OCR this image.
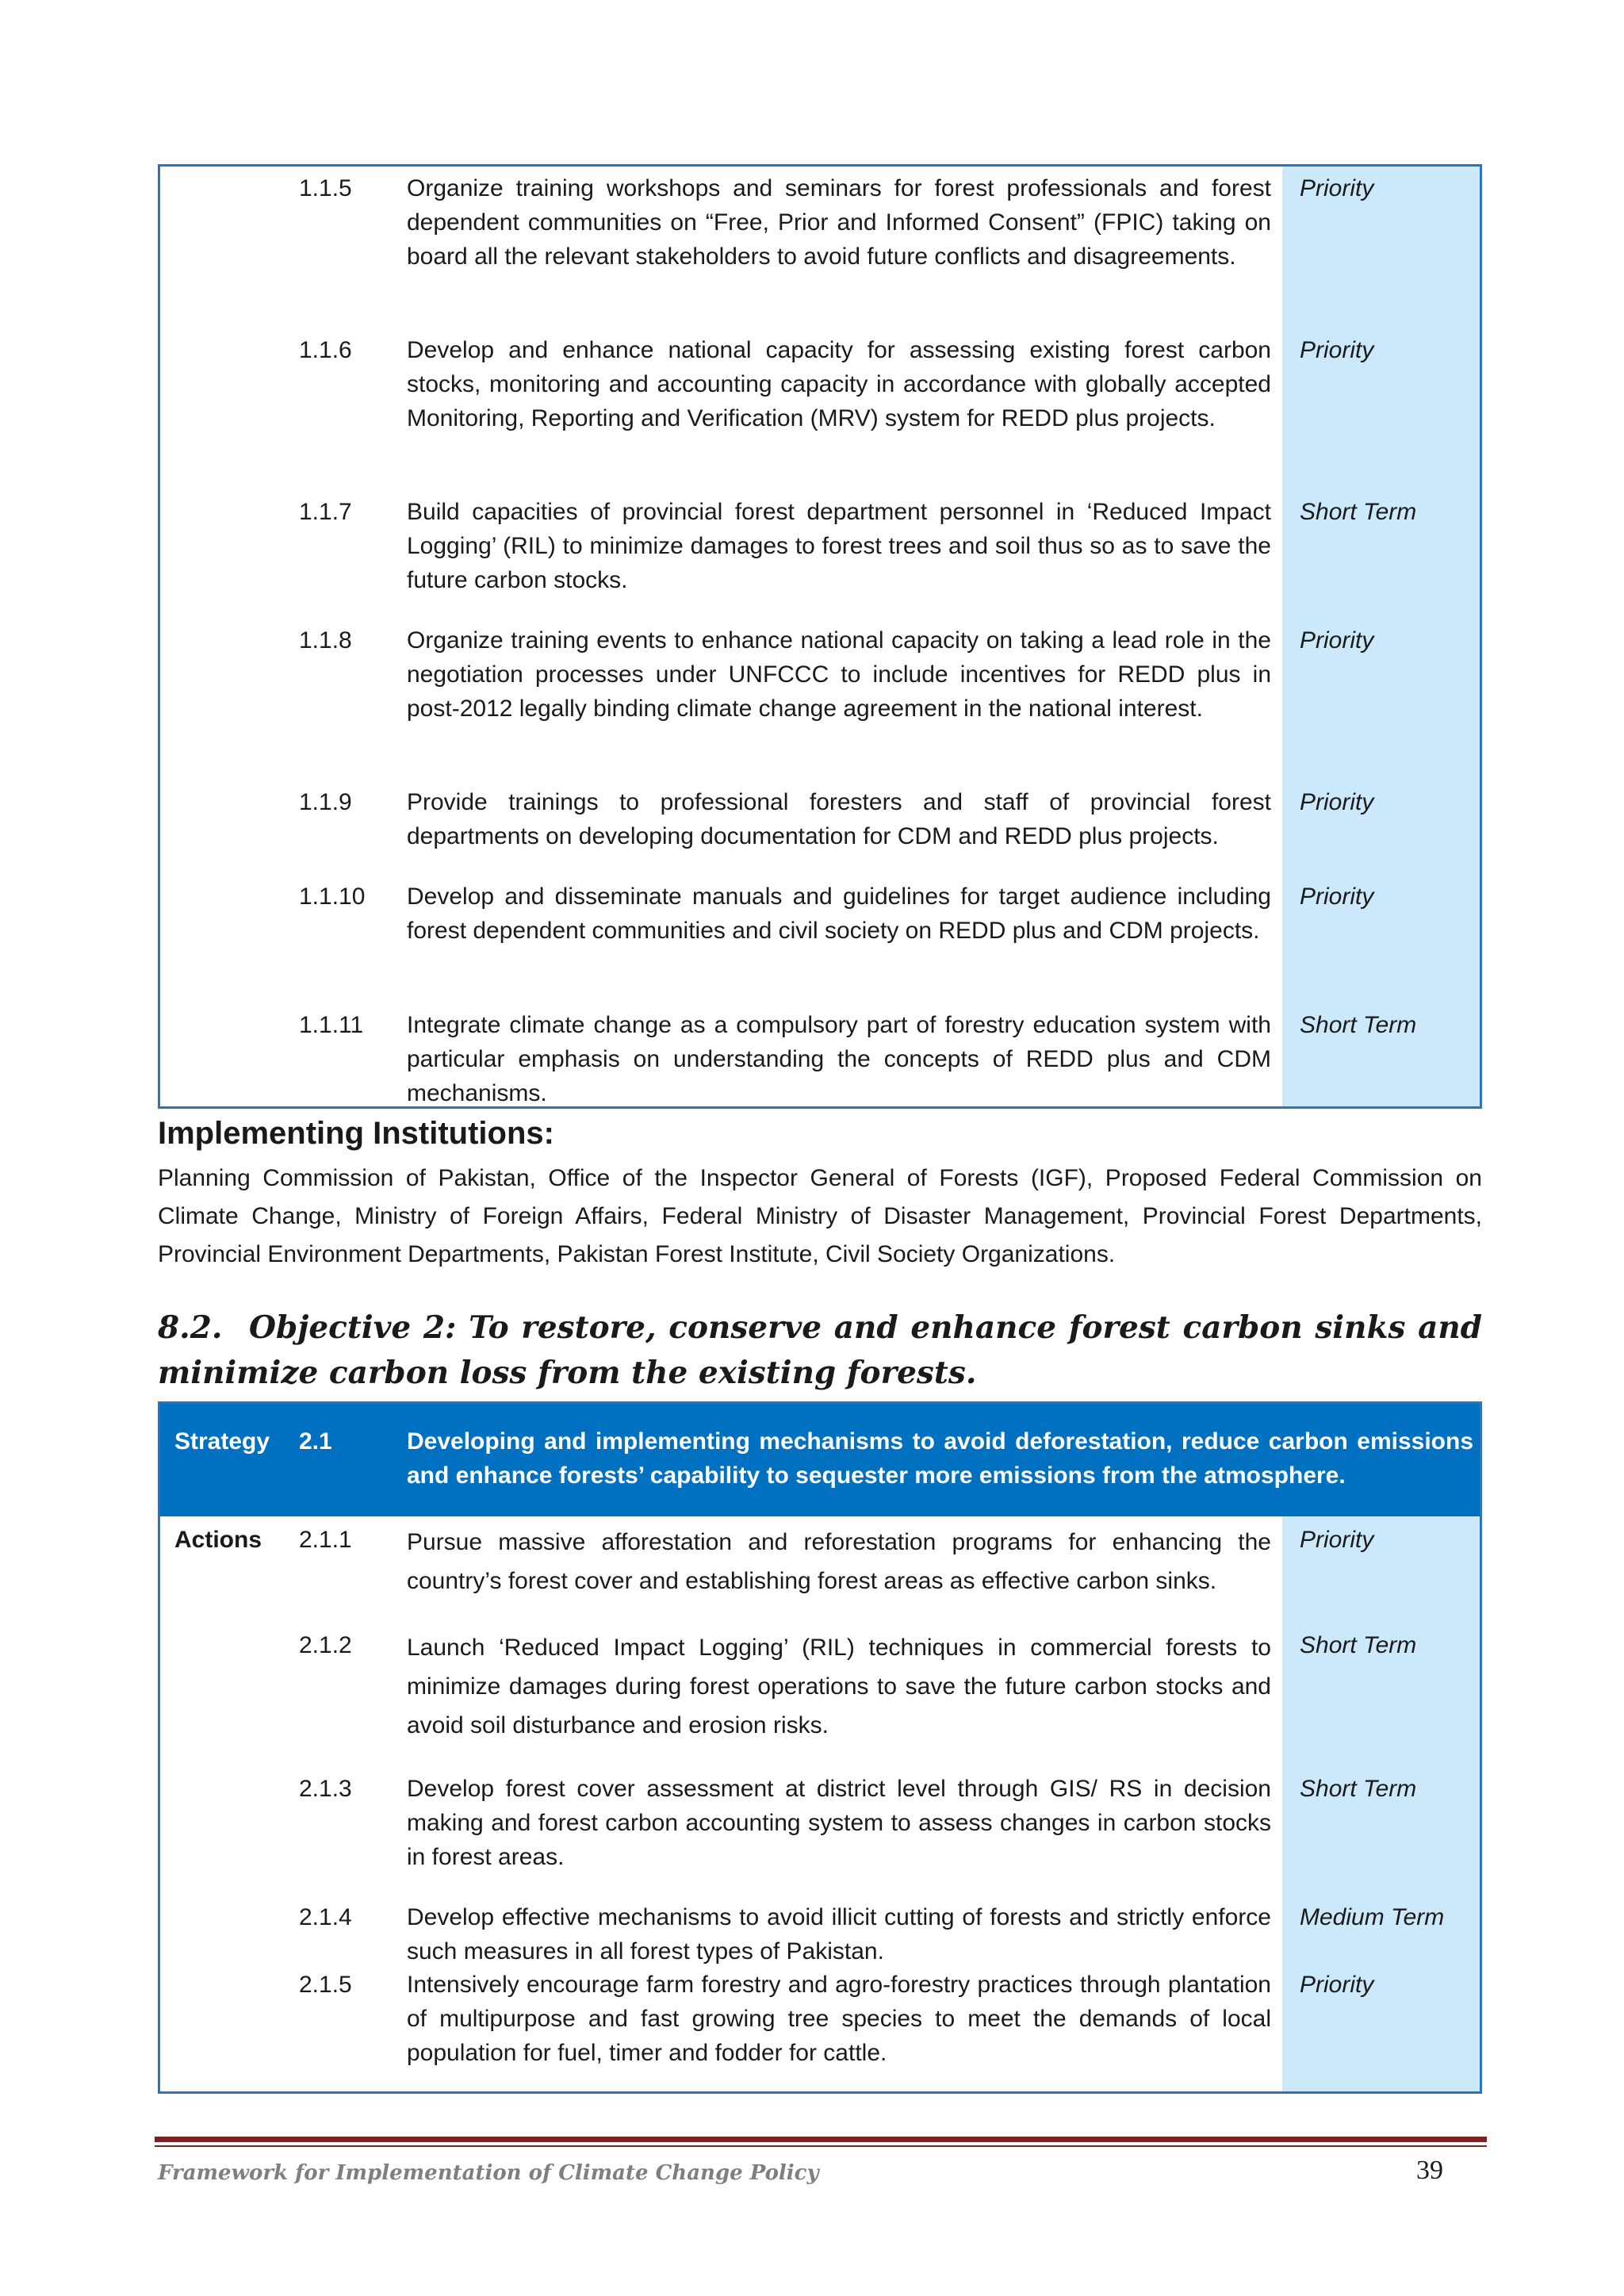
1.1.5 Organize training workshops and seminars for forest professionals and forest dependent communities on “Free, Prior and Informed Consent” (FPIC) taking on board all the relevant stakeholders to avoid future conflicts and disagreements.
Priority
1.1.6 Develop and enhance national capacity for assessing existing forest carbon stocks, monitoring and accounting capacity in accordance with globally accepted Monitoring, Reporting and Verification (MRV) system for REDD plus projects.
Priority
1.1.7 Build capacities of provincial forest department personnel in ‘Reduced Impact Logging’ (RIL) to minimize damages to forest trees and soil thus so as to save the future carbon stocks.
Short Term
1.1.8 Organize training events to enhance national capacity on taking a lead role in the negotiation processes under UNFCCC to include incentives for REDD plus in post-2012 legally binding climate change agreement in the national interest.
Priority
1.1.9 Provide trainings to professional foresters and staff of provincial forest departments on developing documentation for CDM and REDD plus projects.
Priority
1.1.10 Develop and disseminate manuals and guidelines for target audience including forest dependent communities and civil society on REDD plus and CDM projects.
Priority
1.1.11 Integrate climate change as a compulsory part of forestry education system with particular emphasis on understanding the concepts of REDD plus and CDM mechanisms.
Short Term
Implementing Institutions:
Planning Commission of Pakistan, Office of the Inspector General of Forests (IGF), Proposed Federal Commission on Climate Change, Ministry of Foreign Affairs, Federal Ministry of Disaster Management, Provincial Forest Departments, Provincial Environment Departments, Pakistan Forest Institute, Civil Society Organizations.
8.2. Objective 2: To restore, conserve and enhance forest carbon sinks and minimize carbon loss from the existing forests.
Strategy 2.1	Developing and implementing mechanisms to avoid deforestation, reduce carbon emissions and enhance forests’ capability to sequester more emissions from the atmosphere.
Actions 2.1.1 Pursue massive afforestation and reforestation programs for enhancing the country’s forest cover and establishing forest areas as effective carbon sinks.
Priority
2.1.2 Launch ‘Reduced Impact Logging’ (RIL) techniques in commercial forests to minimize damages during forest operations to save the future carbon stocks and avoid soil disturbance and erosion risks.
Short Term
2.1.3 Develop forest cover assessment at district level through GIS/ RS in decision making and forest carbon accounting system to assess changes in carbon stocks in forest areas.
Short Term
2.1.4 Develop effective mechanisms to avoid illicit cutting of forests and strictly enforce such measures in all forest types of Pakistan.
Medium Term
2.1.5 Intensively encourage farm forestry and agro-forestry practices through plantation of multipurpose and fast growing tree species to meet the demands of local population for fuel, timer and fodder for cattle.
Priority
Framework for Implementation of Climate Change Policy	39
